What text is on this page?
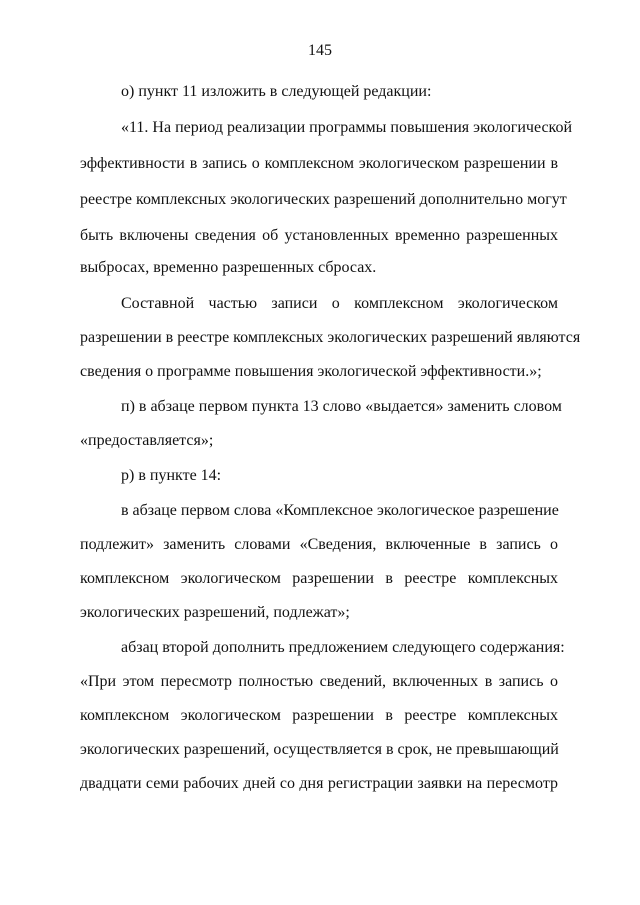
145
о) пункт 11 изложить в следующей редакции:
«11. На период реализации программы повышения экологической
эффективности в запись о комплексном экологическом разрешении в
реестре комплексных экологических разрешений дополнительно могут
быть включены сведения об установленных временно разрешенных
выбросах, временно разрешенных сбросах.
Составной частью записи о комплексном экологическом
разрешении в реестре комплексных экологических разрешений являются
сведения о программе повышения экологической эффективности.»;
п) в абзаце первом пункта 13 слово «выдается» заменить словом
«предоставляется»;
р) в пункте 14:
в абзаце первом слова «Комплексное экологическое разрешение
подлежит» заменить словами «Сведения, включенные в запись о
комплексном экологическом разрешении в реестре комплексных
экологических разрешений, подлежат»;
абзац второй дополнить предложением следующего содержания:
«При этом пересмотр полностью сведений, включенных в запись о
комплексном экологическом разрешении в реестре комплексных
экологических разрешений, осуществляется в срок, не превышающий
двадцати семи рабочих дней со дня регистрации заявки на пересмотр
